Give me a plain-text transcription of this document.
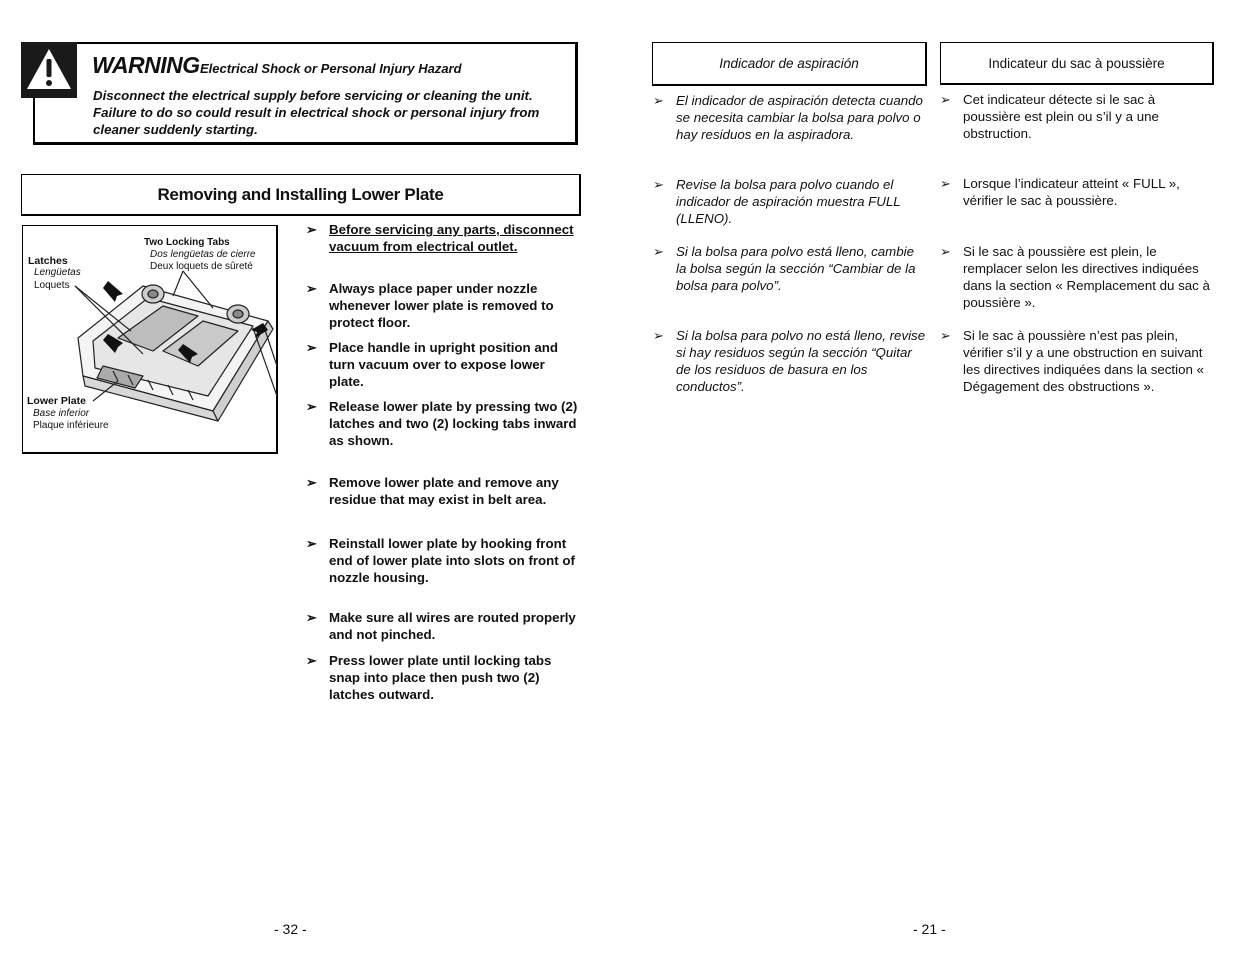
WARNING Electrical Shock or Personal Injury Hazard
Disconnect the electrical supply before servicing or cleaning the unit. Failure to do so could result in electrical shock or personal injury from cleaner suddenly starting.
Removing and Installing Lower Plate
Two Locking Tabs
Dos lengüetas de cierre
Deux loquets de sûreté
Latches
Lengüetas
Loquets
Lower Plate
Base inferior
Plaque inférieure
➢ Before servicing any parts, disconnect vacuum from electrical outlet.
➢ Always place paper under nozzle whenever lower plate is removed to protect floor.
➢ Place handle in upright position and turn vacuum over to expose lower plate.
➢ Release lower plate by pressing two (2) latches and two (2) locking tabs inward as shown.
➢ Remove lower plate and remove any residue that may exist in belt area.
➢ Reinstall lower plate by hooking front end of lower plate into slots on front of nozzle housing.
➢ Make sure all wires are routed properly and not pinched.
➢ Press lower plate until locking tabs snap into place then push two (2) latches outward.
- 32 -
Indicador de aspiración	Indicateur du sac à poussière
➢ El indicador de aspiración detecta cuando se necesita cambiar la bolsa para polvo o hay residuos en la aspiradora.
➢ Revise la bolsa para polvo cuando el indicador de aspiración muestra FULL (LLENO).
➢ Si la bolsa para polvo está lleno, cambie la bolsa según la sección “Cambiar de la bolsa para polvo”.
➢ Si la bolsa para polvo no está lleno, revise si hay residuos según la sección “Quitar de los residuos de basura en los conductos”.
➢ Cet indicateur détecte si le sac à poussière est plein ou s’il y a une obstruction.
➢ Lorsque l’indicateur atteint « FULL », vérifier le sac à poussière.
➢ Si le sac à poussière est plein, le remplacer selon les directives indiquées dans la section « Remplacement du sac à poussière ».
➢ Si le sac à poussière n’est pas plein, vérifier s’il y a une obstruction en suivant les directives indiquées dans la section « Dégagement des obstructions ».
- 21 -
